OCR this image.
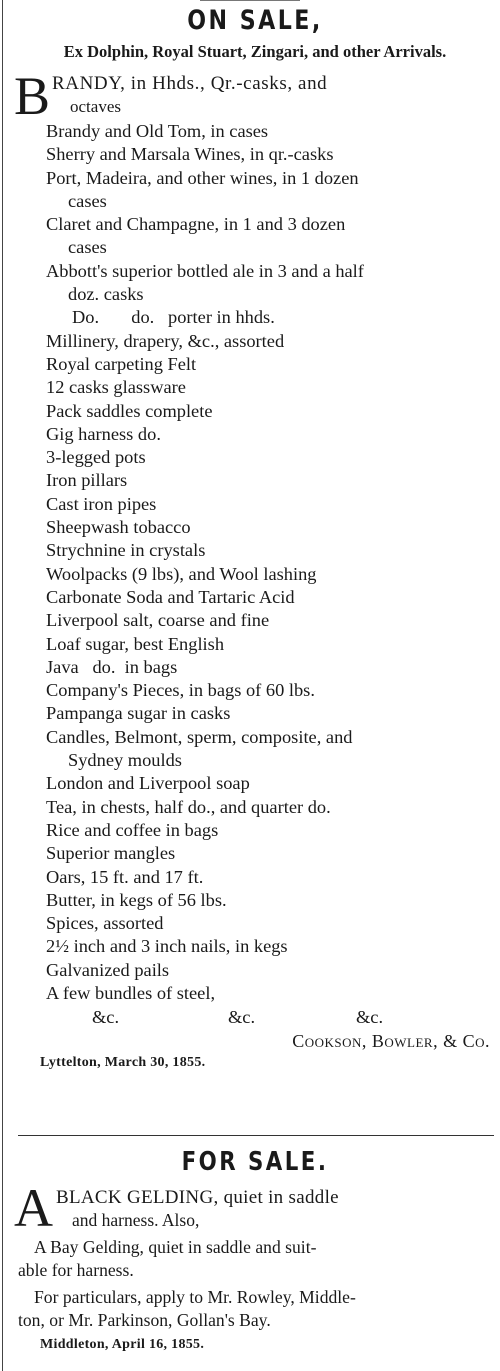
ON SALE,
Ex Dolphin, Royal Stuart, Zingari, and other Arrivals.
B RANDY, in Hhds., Qr.-casks, and
octaves
Brandy and Old Tom, in cases
Sherry and Marsala Wines, in qr.-casks
Port, Madeira, and other wines, in 1 dozen
cases
Claret and Champagne, in 1 and 3 dozen
cases
Abbott's superior bottled ale in 3 and a half
doz. casks
Do.       do.   porter in hhds.
Millinery, drapery, &c., assorted
Royal carpeting Felt
12 casks glassware
Pack saddles complete
Gig harness do.
3-legged pots
Iron pillars
Cast iron pipes
Sheepwash tobacco
Strychnine in crystals
Woolpacks (9 lbs), and Wool lashing
Carbonate Soda and Tartaric Acid
Liverpool salt, coarse and fine
Loaf sugar, best English
Java   do.  in bags
Company's Pieces, in bags of 60 lbs.
Pampanga sugar in casks
Candles, Belmont, sperm, composite, and
Sydney moulds
London and Liverpool soap
Tea, in chests, half do., and quarter do.
Rice and coffee in bags
Superior mangles
Oars, 15 ft. and 17 ft.
Butter, in kegs of 56 lbs.
Spices, assorted
2½ inch and 3 inch nails, in kegs
Galvanized pails
A few bundles of steel,
&c.	&c.	&c.
Cookson, Bowler, & Co.
Lyttelton, March 30, 1855.
FOR SALE.
A BLACK GELDING, quiet in saddle
and harness. Also,
A Bay Gelding, quiet in saddle and suit-
able for harness.
For particulars, apply to Mr. Rowley, Middle-
ton, or Mr. Parkinson, Gollan's Bay.
Middleton, April 16, 1855.
